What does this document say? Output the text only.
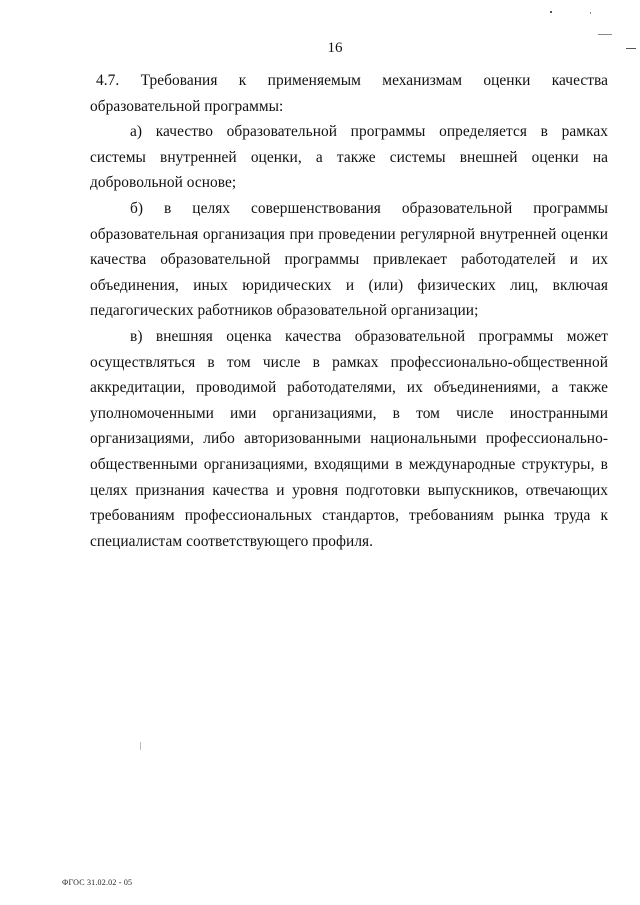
16

4.7. Требования к применяемым механизмам оценки качества образовательной программы:

а) качество образовательной программы определяется в рамках системы внутренней оценки, а также системы внешней оценки на добровольной основе;

б) в целях совершенствования образовательной программы образовательная организация при проведении регулярной внутренней оценки качества образовательной программы привлекает работодателей и их объединения, иных юридических и (или) физических лиц, включая педагогических работников образовательной организации;

в) внешняя оценка качества образовательной программы может осуществляться в том числе в рамках профессионально-общественной аккредитации, проводимой работодателями, их объединениями, а также уполномоченными ими организациями, в том числе иностранными организациями, либо авторизованными национальными профессионально-общественными организациями, входящими в международные структуры, в целях признания качества и уровня подготовки выпускников, отвечающих требованиям профессиональных стандартов, требованиям рынка труда к специалистам соответствующего профиля.

ФГОС 31.02.02 - 05
